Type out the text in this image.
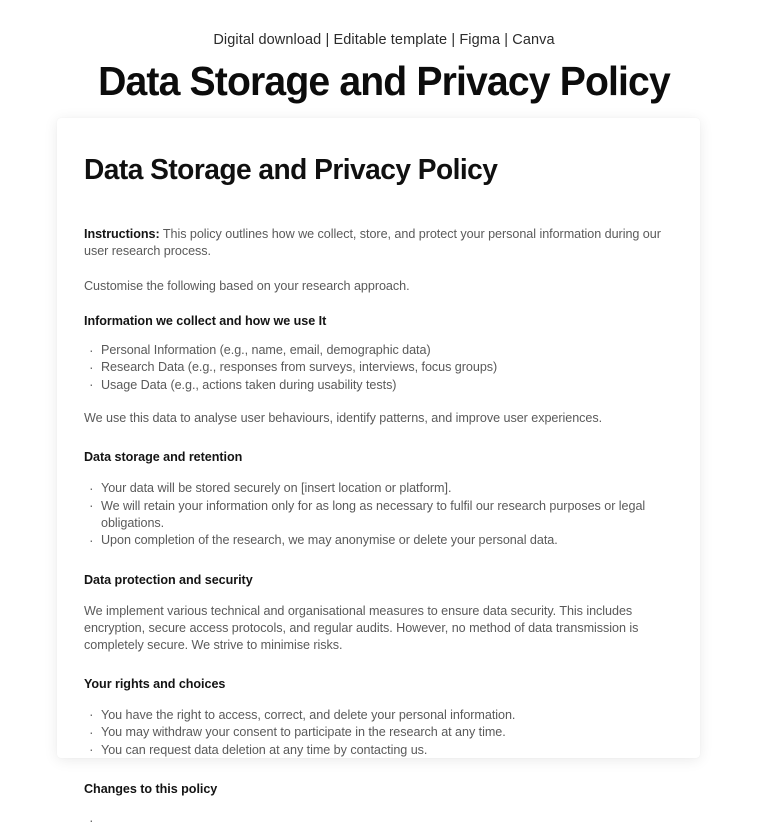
Digital download | Editable template | Figma | Canva
Data Storage and Privacy Policy
Data Storage and Privacy Policy

Instructions: This policy outlines how we collect, store, and protect your personal information during our user research process.

Customise the following based on your research approach.

Information we collect and how we use It
· Personal Information (e.g., name, email, demographic data)
· Research Data (e.g., responses from surveys, interviews, focus groups)
· Usage Data (e.g., actions taken during usability tests)

We use this data to analyse user behaviours, identify patterns, and improve user experiences.

Data storage and retention
· Your data will be stored securely on [insert location or platform].
· We will retain your information only for as long as necessary to fulfil our research purposes or legal obligations.
· Upon completion of the research, we may anonymise or delete your personal data.
Data protection and security

We implement various technical and organisational measures to ensure data security. This includes encryption, secure access protocols, and regular audits. However, no method of data transmission is completely secure. We strive to minimise risks.

Your rights and choices
· You have the right to access, correct, and delete your personal information.
· You may withdraw your consent to participate in the research at any time.
· You can request data deletion at any time by contacting us.
Changes to this policy
·
